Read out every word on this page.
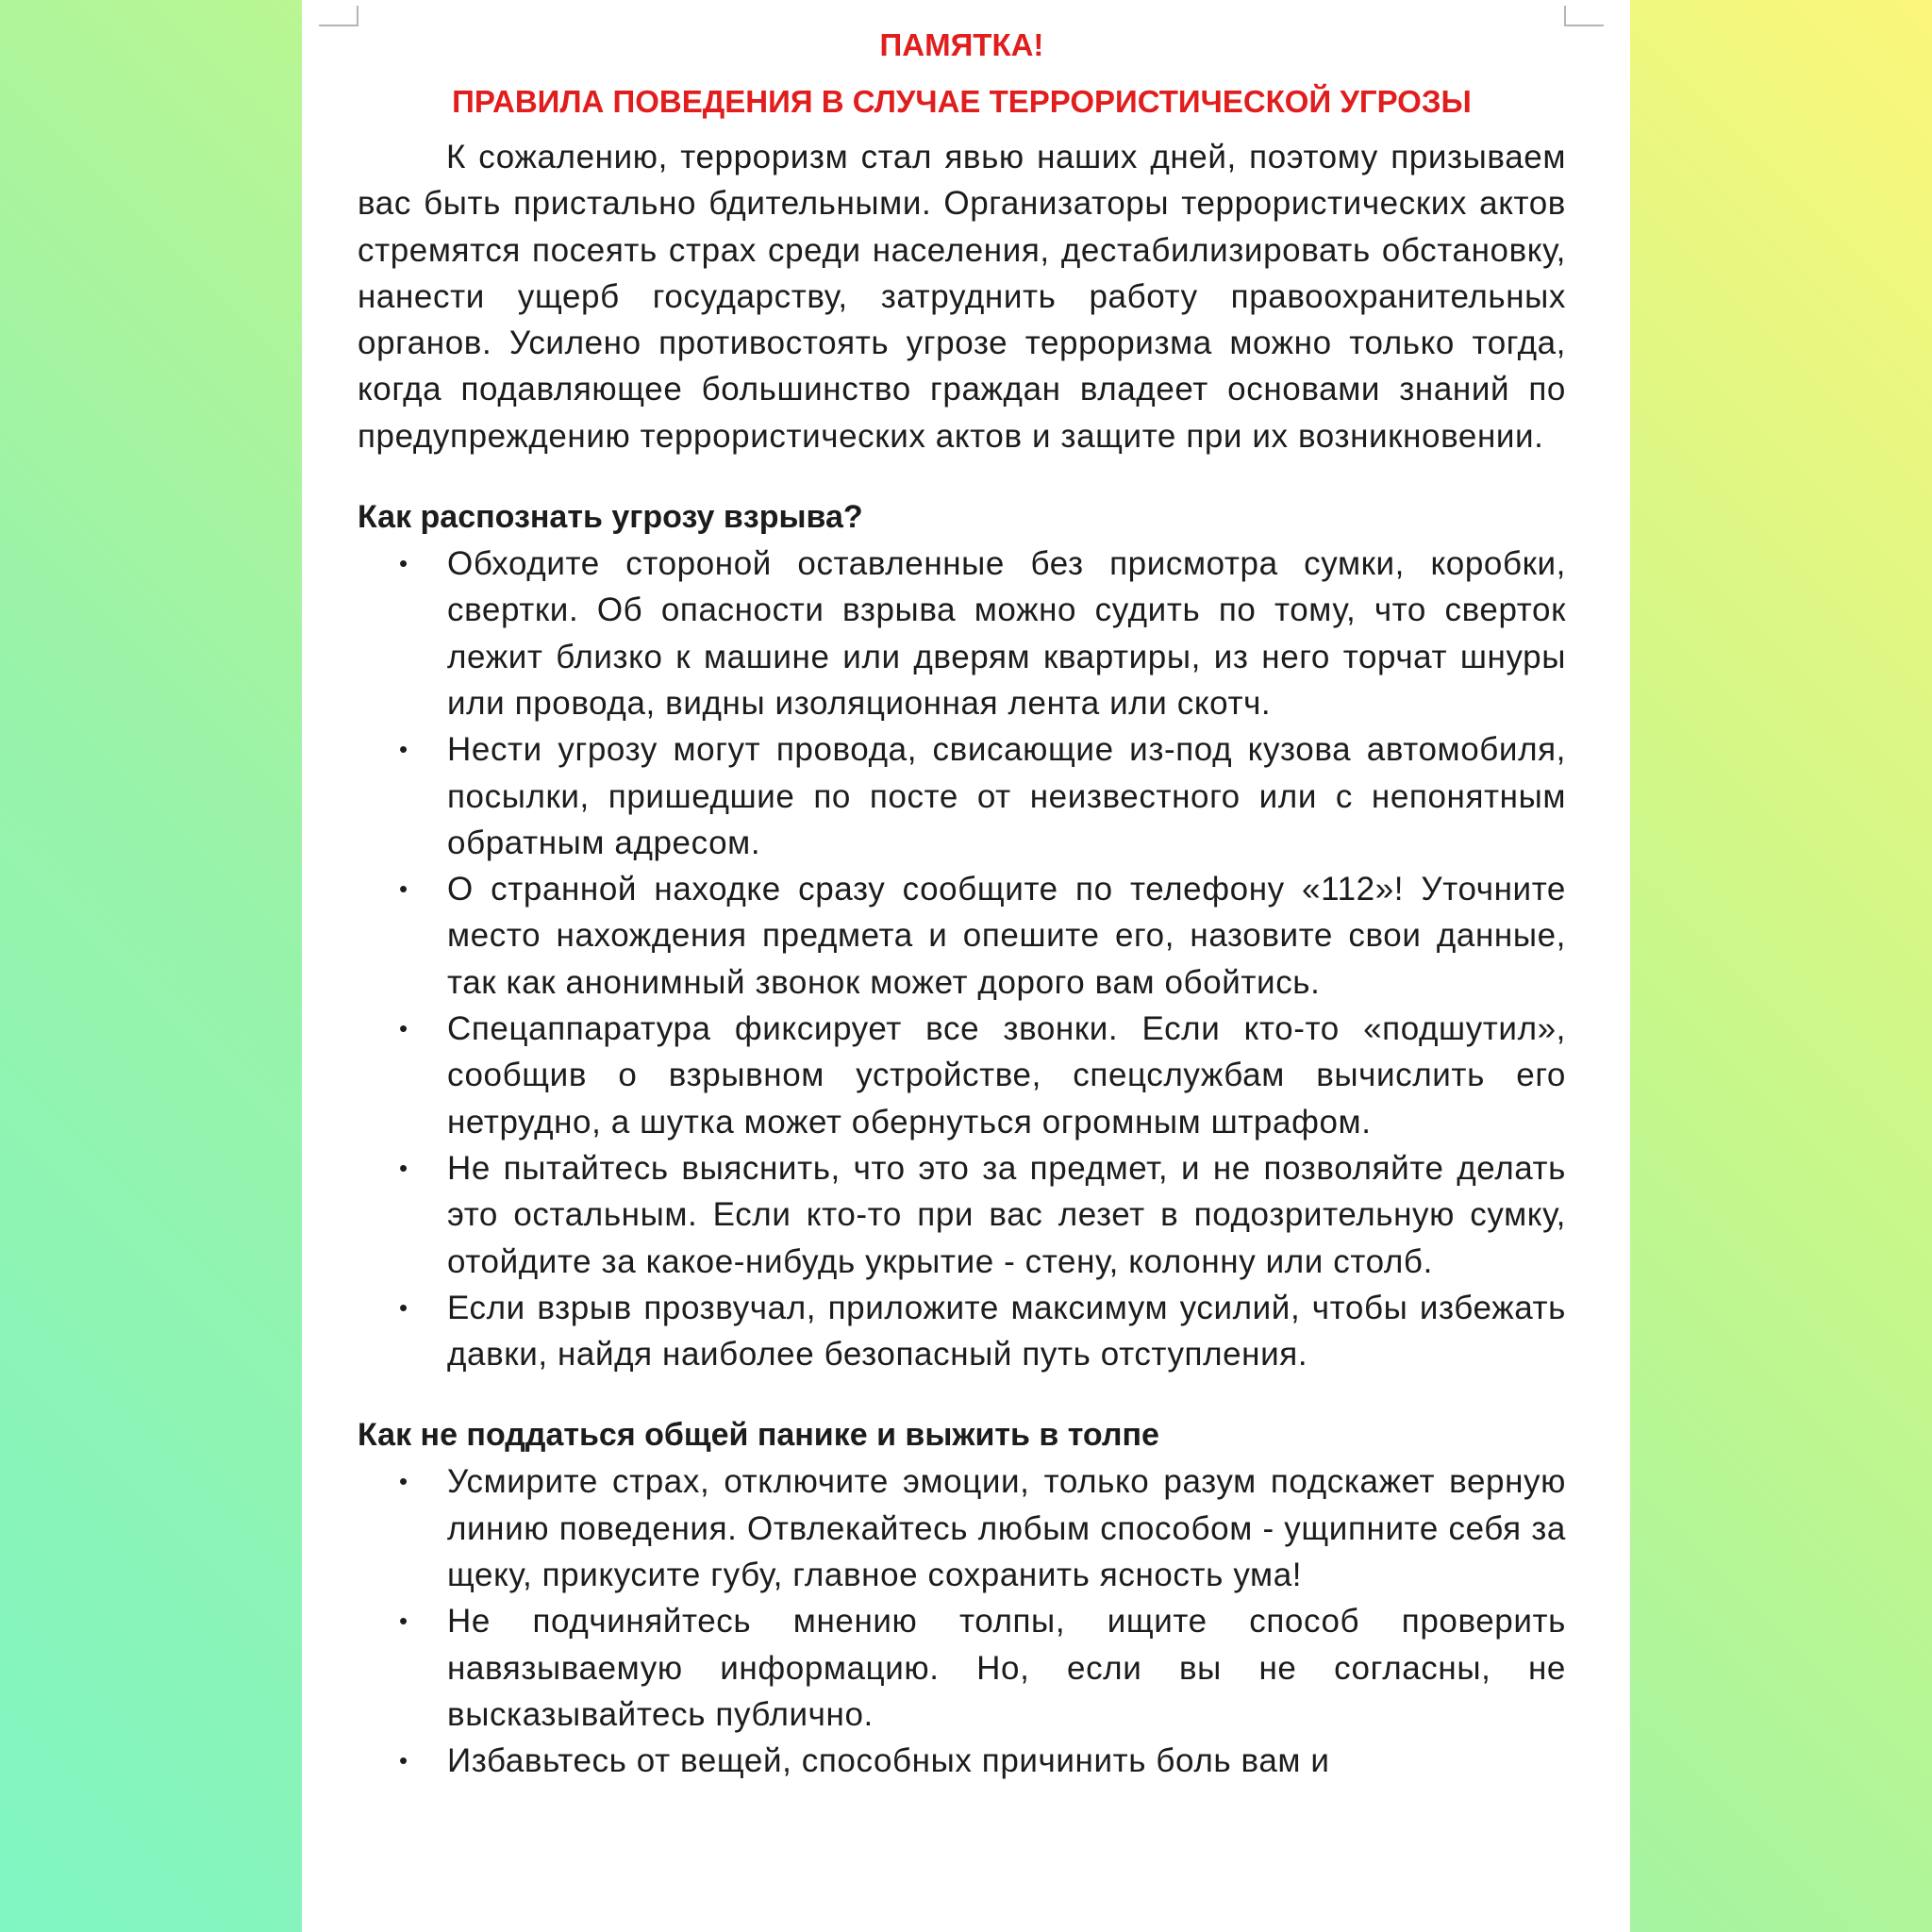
ПАМЯТКА!

ПРАВИЛА ПОВЕДЕНИЯ В СЛУЧАЕ ТЕРРОРИСТИЧЕСКОЙ УГРОЗЫ

К сожалению, терроризм стал явью наших дней, поэтому призываем вас быть пристально бдительными. Организаторы террористических актов стремятся посеять страх среди населения, дестабилизировать обстановку, нанести ущерб государству, затруднить работу правоохранительных органов. Усилено противостоять угрозе терроризма можно только тогда, когда подавляющее большинство граждан владеет основами знаний по предупреждению террористических актов и защите при их возникновении.

Как распознать угрозу взрыва?
• Обходите стороной оставленные без присмотра сумки, коробки, свертки. Об опасности взрыва можно судить по тому, что сверток лежит близко к машине или дверям квартиры, из него торчат шнуры или провода, видны изоляционная лента или скотч.
• Нести угрозу могут провода, свисающие из-под кузова автомобиля, посылки, пришедшие по посте от неизвестного или с непонятным обратным адресом.
• О странной находке сразу сообщите по телефону «112»! Уточните место нахождения предмета и опешите его, назовите свои данные, так как анонимный звонок может дорого вам обойтись.
• Спецаппаратура фиксирует все звонки. Если кто-то «подшутил», сообщив о взрывном устройстве, спецслужбам вычислить его нетрудно, а шутка может обернуться огромным штрафом.
• Не пытайтесь выяснить, что это за предмет, и не позволяйте делать это остальным. Если кто-то при вас лезет в подозрительную сумку, отойдите за какое-нибудь укрытие - стену, колонну или столб.
• Если взрыв прозвучал, приложите максимум усилий, чтобы избежать давки, найдя наиболее безопасный путь отступления.
Как не поддаться общей панике и выжить в толпе
• Усмирите страх, отключите эмоции, только разум подскажет верную линию поведения. Отвлекайтесь любым способом - ущипните себя за щеку, прикусите губу, главное сохранить ясность ума!
• Не подчиняйтесь мнению толпы, ищите способ проверить навязываемую информацию. Но, если вы не согласны, не высказывайтесь публично.
• Избавьтесь от вещей, способных причинить боль вам и
